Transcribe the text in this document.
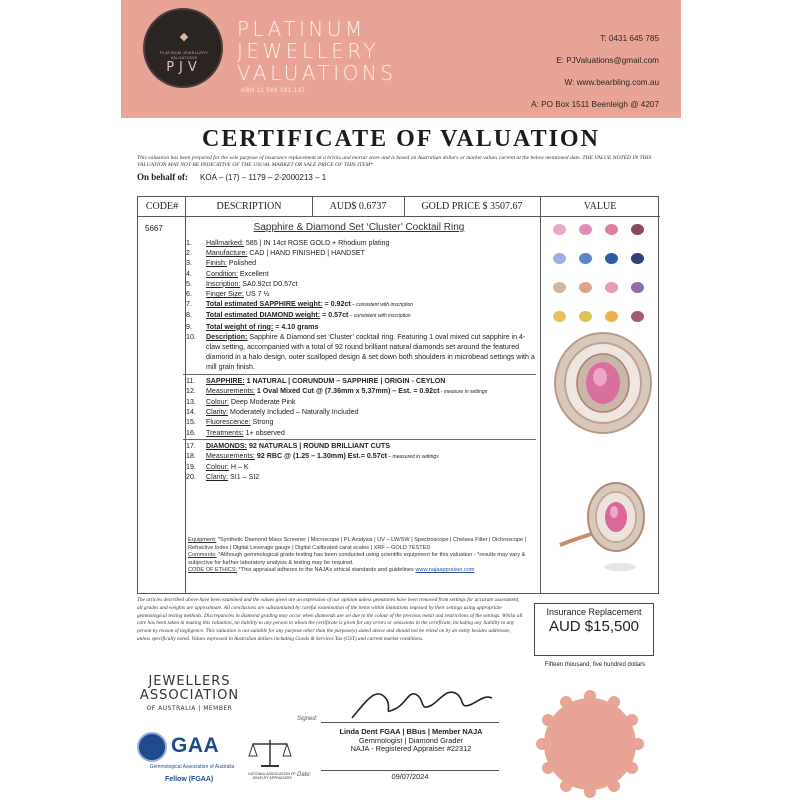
◆
PLATINUM JEWELLERY VALUATIONS
PJV
PLATINUM
JEWELLERY
VALUATIONS
ABN 11 588 191 137
T: 0431 645 785
E: PJValuations@gmail.com
W: www.bearbling.com.au
A: PO Box 1511 Beenleigh @ 4207
CERTIFICATE OF VALUATION
This valuation has been prepared for the sole purpose of insurance replacement at a bricks and mortar store and is based on Australian dollars or market values current at the below mentioned date. THE VALUE NOTED IN THIS VALUATION MAY NOT BE INDICATIVE OF THE USUAL MARKET OR SALE PRICE OF THIS ITEM*
On behalf of: KOA – (17) – 1179 – 2-2000213 – 1
CODE#	DESCRIPTION	AUD$ 0.6737	GOLD PRICE $ 3507.67	VALUE
5667	Sapphire & Diamond Set ‘Cluster’ Cocktail Ring
1.	Hallmarked: 585 | IN 14ct ROSE GOLD + Rhodium plating
2.	Manufacture: CAD | HAND FINISHED | HANDSET
3.	Finish: Polished
4.	Condition: Excellent
5.	Inscription: SA0.92ct D0.57ct
6.	Finger Size: US 7 ½
7.	Total estimated SAPPHIRE weight: = 0.92ct – consistent with inscription
8.	Total estimated DIAMOND weight: = 0.57ct – consistent with inscription
9.	Total weight of ring: = 4.10 grams
10.	Description: Sapphire & Diamond set ‘Cluster’ cocktail ring. Featuring 1 oval mixed cut sapphire in 4-claw setting, accompanied with a total of 92 round brilliant natural diamonds set around the featured diamond in a halo design, outer scalloped design & set down both shoulders in microbead settings with a mill grain finish.
11.	SAPPHIRE: 1 NATURAL | CORUNDUM – SAPPHIRE | ORIGIN - CEYLON
12.	Measurements: 1 Oval Mixed Cut @ (7.36mm x 5.37mm) – Est. = 0.92ct - measure in settings
13.	Colour: Deep Moderate Pink
14.	Clarity: Moderately Included – Naturally Included
15.	Fluorescence: Strong
16.	Treatments: 1+ observed
17.	DIAMONDS: 92 NATURALS | ROUND BRILLIANT CUTS
18.	Measurements: 92 RBC @ (1.25 – 1.30mm) Est.= 0.57ct – measured in settings
19.	Colour: H – K
20.	Clarity: SI1 – SI2
Equipment: *Synthetic Diamond Mass Screener | Microscope | PL Analysis | UV – LW/SW | Spectroscope | Chelsea Filter | Dichroscope | Refractive Index | Digital Leverage gauge | Digital Calibrated carat scales | XRF – GOLD TESTED
Comments: *Although gemmological grade testing has been conducted using scientific equipment for this valuation - *results may vary & subjective for further laboratory analysis & testing may be required.
CODE OF ETHICS: *This appraisal adheres to the NAJA’s ethical standards and guidelines www.najaappraiser.com
The articles described above have been examined and the values given are an expression of our opinion unless gemstones have been removed from settings for accurate assessment, all grades and weights are approximate. All conclusions are substantiated by careful examination of the items within limitations imposed by their settings using appropriate gemmological testing methods. Discrepancies in diamond grading may occur when diamonds are set due to the colour of the precious metal and restrictions of the settings. Whilst all care has been taken in making this valuation, no liability to any person to whom the certificate is given for any errors or omissions in the certificate, including any liability to any person by reason of negligence. This valuation is not suitable for any purpose other than the purpose(s) stated above and should not be relied on by an entity besides addressee, unless specifically noted. Values expressed in Australian dollars including Goods & Services Tax (GST) and current market conditions.
Insurance Replacement
AUD $15,500
Fifteen thousand, five hundred dollars
JEWELLERS
ASSOCIATION
OF AUSTRALIA | MEMBER
GAA
Gemmological Association of Australia
Fellow (FGAA)
NATIONAL ASSOCIATION OF JEWELRY APPRAISERS
Signed:
Linda Dent FGAA | BBus | Member NAJA
Gemmologist | Diamond Grader
NAJA - Registered Appraiser #22312
Date:	09/07/2024
